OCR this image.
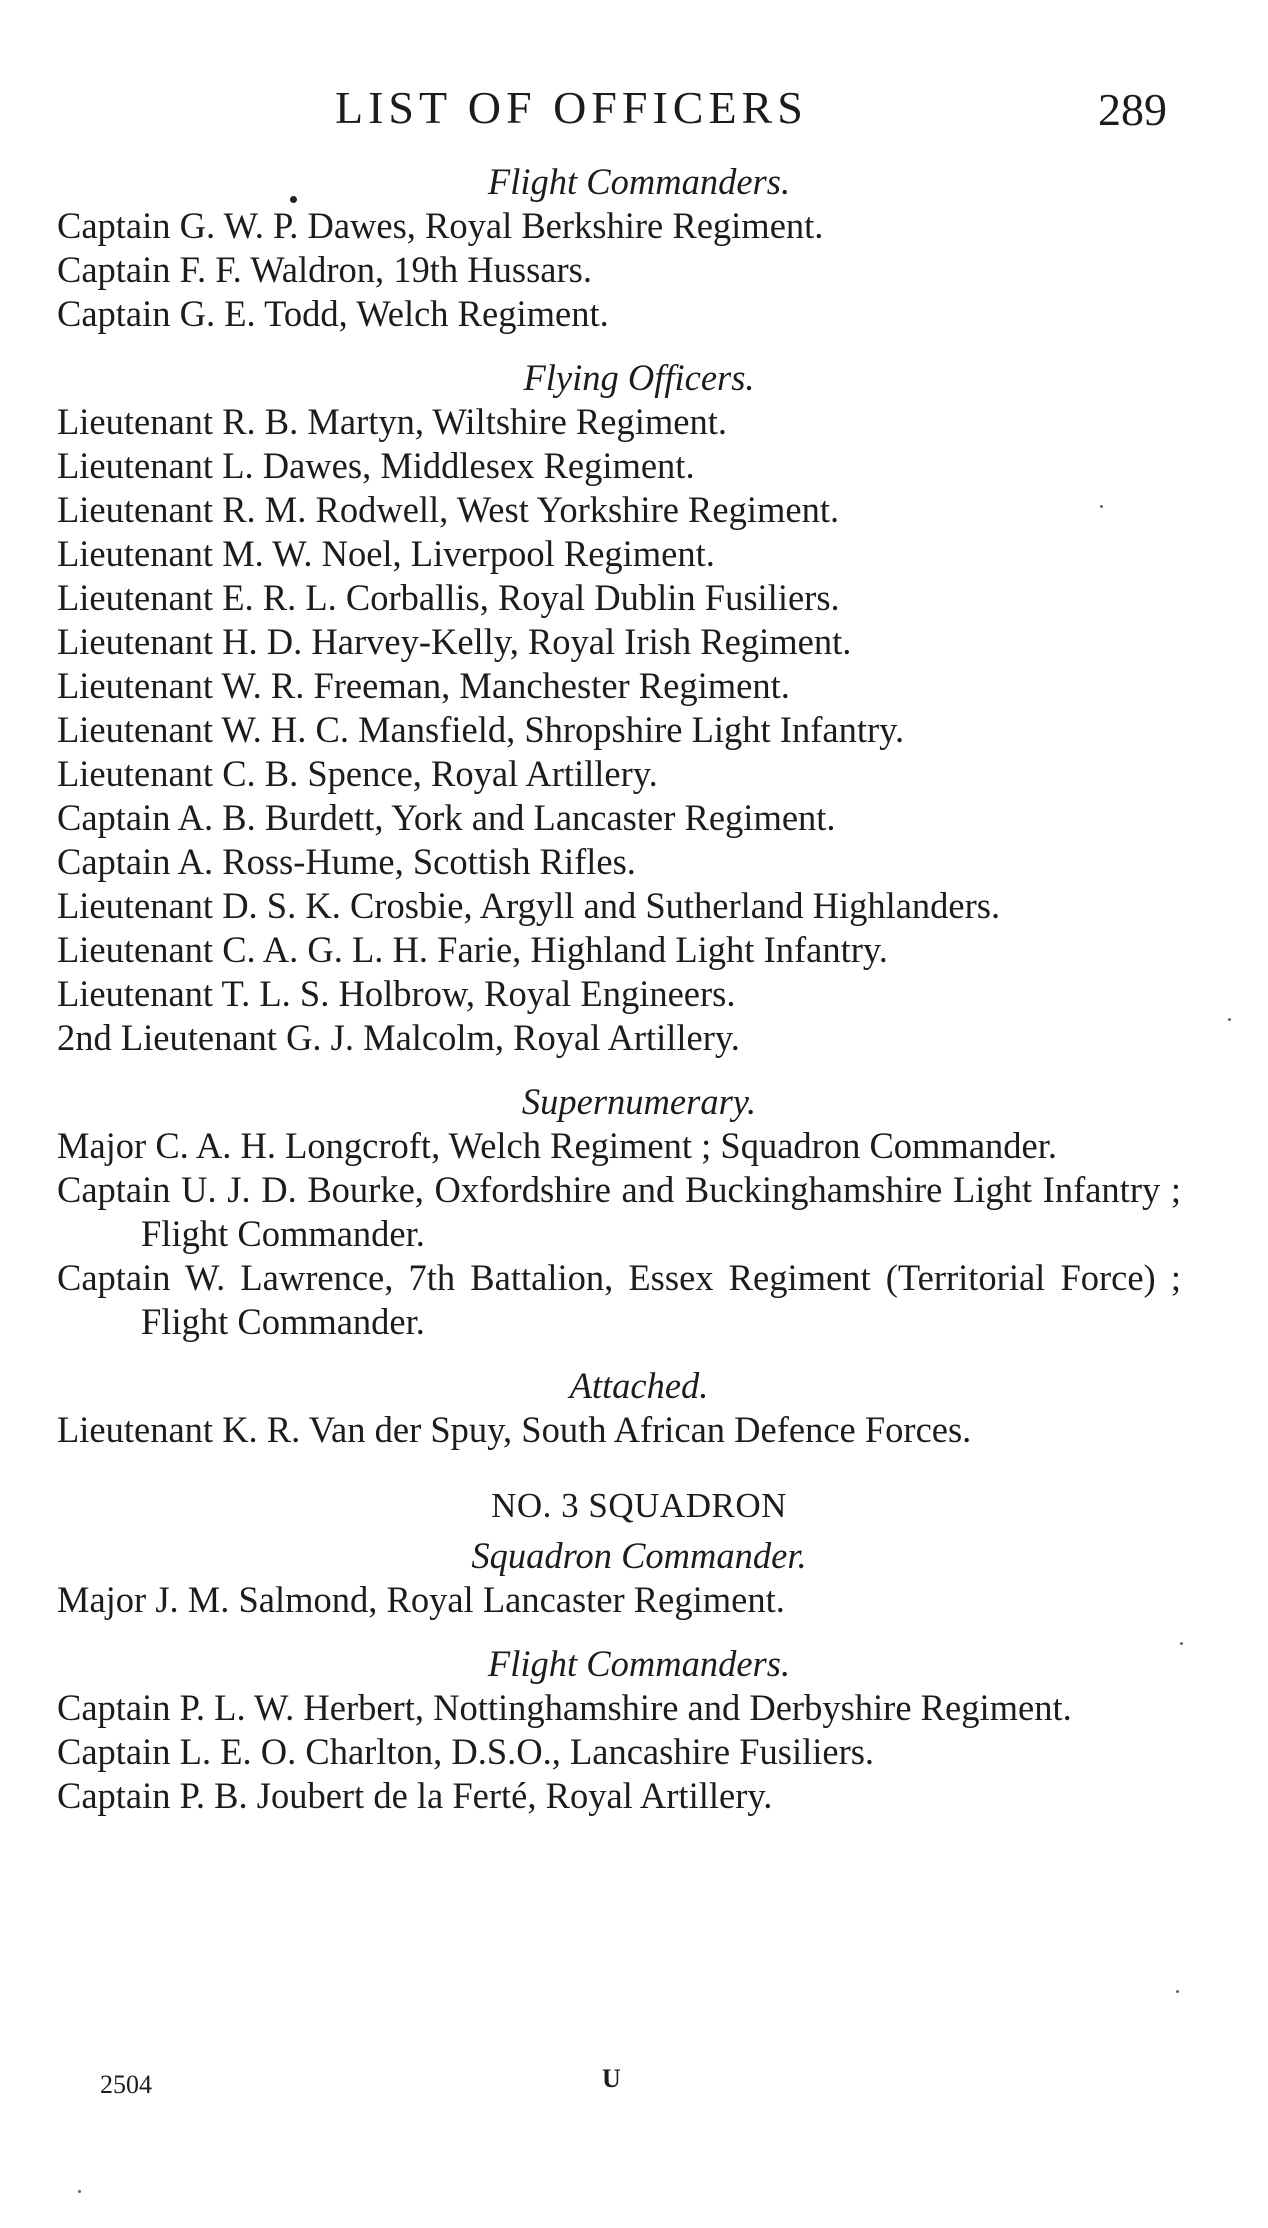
LIST OF OFFICERS	289

Flight Commanders.

Captain G. W. P. Dawes, Royal Berkshire Regiment.

Captain F. F. Waldron, 19th Hussars.

Captain G. E. Todd, Welch Regiment.

Flying Officers.

Lieutenant R. B. Martyn, Wiltshire Regiment.

Lieutenant L. Dawes, Middlesex Regiment.

Lieutenant R. M. Rodwell, West Yorkshire Regiment.

Lieutenant M. W. Noel, Liverpool Regiment.

Lieutenant E. R. L. Corballis, Royal Dublin Fusiliers.

Lieutenant H. D. Harvey-Kelly, Royal Irish Regiment.

Lieutenant W. R. Freeman, Manchester Regiment.

Lieutenant W. H. C. Mansfield, Shropshire Light Infantry.

Lieutenant C. B. Spence, Royal Artillery.

Captain A. B. Burdett, York and Lancaster Regiment.

Captain A. Ross-Hume, Scottish Rifles.

Lieutenant D. S. K. Crosbie, Argyll and Sutherland Highlanders.

Lieutenant C. A. G. L. H. Farie, Highland Light Infantry.

Lieutenant T. L. S. Holbrow, Royal Engineers.

2nd Lieutenant G. J. Malcolm, Royal Artillery.

Supernumerary.

Major C. A. H. Longcroft, Welch Regiment ; Squadron Commander.

Captain U. J. D. Bourke, Oxfordshire and Buckinghamshire Light Infantry ; Flight Commander.

Captain W. Lawrence, 7th Battalion, Essex Regiment (Territorial Force) ; Flight Commander.

Attached.

Lieutenant K. R. Van der Spuy, South African Defence Forces.

NO. 3 SQUADRON

Squadron Commander.

Major J. M. Salmond, Royal Lancaster Regiment.

Flight Commanders.

Captain P. L. W. Herbert, Nottinghamshire and Derbyshire Regiment.

Captain L. E. O. Charlton, D.S.O., Lancashire Fusiliers.

Captain P. B. Joubert de la Ferté, Royal Artillery.

2504	U
